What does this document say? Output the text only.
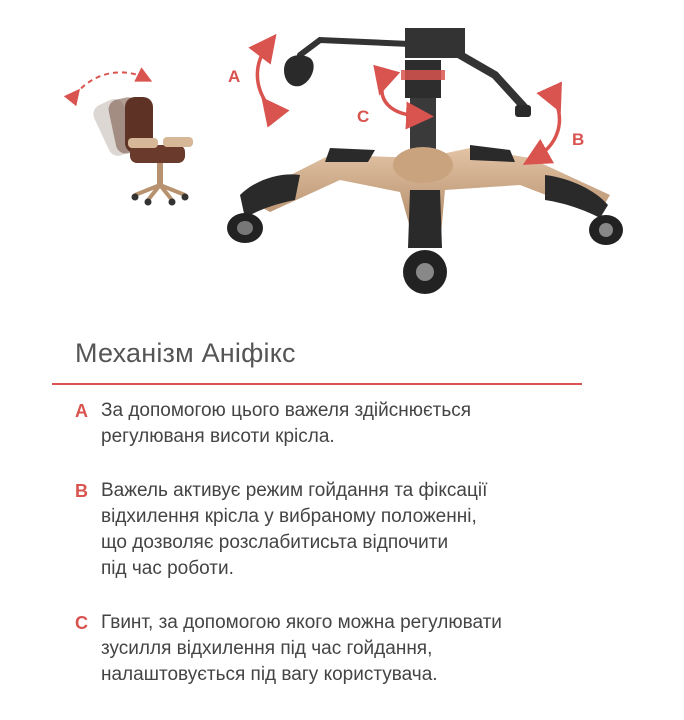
A
C
B
Механізм Аніфікс
A За допомогою цього важеля здійснюється
регулюваня висоти крісла.
B Важель активує режим гойдання та фіксації
відхилення крісла у вибраному положенні,
що дозволяє розслабитисьта відпочити
під час роботи.
C Гвинт, за допомогою якого можна регулювати
зусилля відхилення під час гойдання,
налаштовується під вагу користувача.
